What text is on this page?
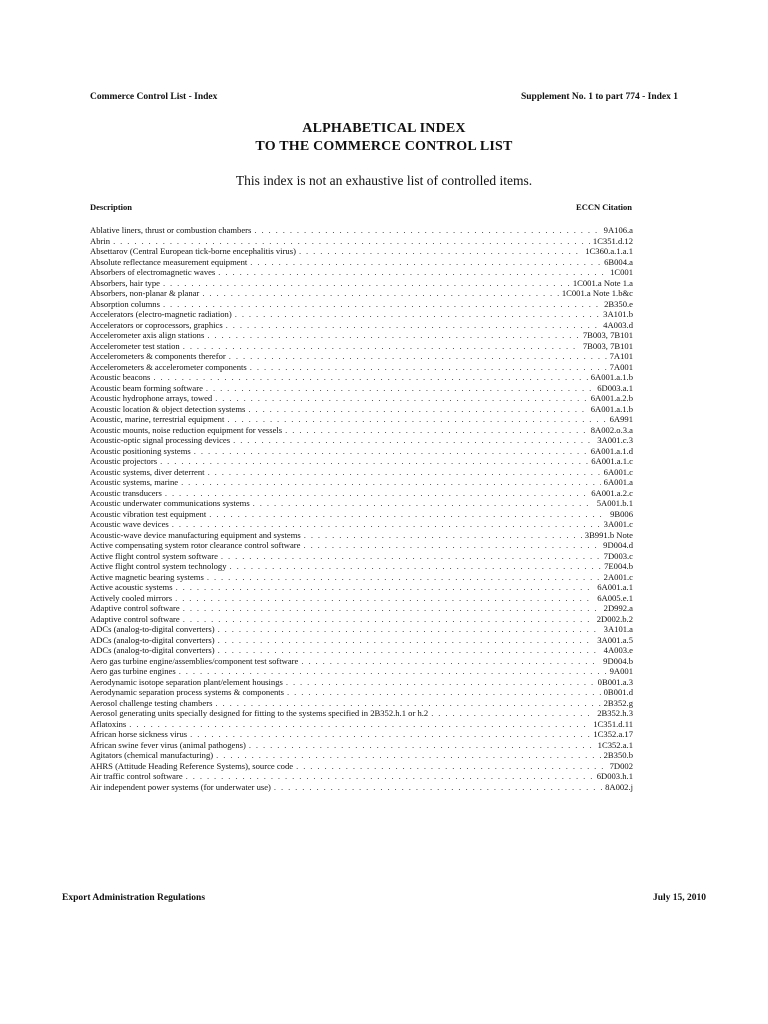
Commerce Control List - Index	Supplement No. 1 to part 774 - Index 1
ALPHABETICAL INDEX
TO THE COMMERCE CONTROL LIST
This index is not an exhaustive list of controlled items.
Description	ECCN Citation
Ablative liners, thrust or combustion chambers . . .	9A106.a
Abrin . . .	1C351.d.12
Absettarov (Central European tick-borne encephalitis virus) . . .	1C360.a.1.a.1
Absolute reflectance measurement equipment . . .	6B004.a
Absorbers of electromagnetic waves . . .	1C001
Absorbers, hair type . . .	1C001.a Note 1.a
Absorbers, non-planar & planar . . .	1C001.a Note 1.b&c
Absorption columns . . .	2B350.e
Accelerators (electro-magnetic radiation) . . .	3A101.b
Accelerators or coprocessors, graphics . . .	4A003.d
Accelerometer axis align stations . . .	7B003, 7B101
Accelerometer test station . . .	7B003, 7B101
Accelerometers & components therefor . . .	7A101
Accelerometers & accelerometer components . . .	7A001
Acoustic beacons . . .	6A001.a.1.b
Acoustic beam forming software . . .	6D003.a.1
Acoustic hydrophone arrays, towed . . .	6A001.a.2.b
Acoustic location & object detection systems . . .	6A001.a.1.b
Acoustic, marine, terrestrial equipment . . .	6A991
Acoustic mounts, noise reduction equipment for vessels . . .	8A002.o.3.a
Acoustic-optic signal processing devices . . .	3A001.c.3
Acoustic positioning systems . . .	6A001.a.1.d
Acoustic projectors . . .	6A001.a.1.c
Acoustic systems, diver deterrent . . .	6A001.c
Acoustic systems, marine . . .	6A001.a
Acoustic transducers . . .	6A001.a.2.c
Acoustic underwater communications systems . . .	5A001.b.1
Acoustic vibration test equipment . . .	9B006
Acoustic wave devices . . .	3A001.c
Acoustic-wave device manufacturing equipment and systems . . .	3B991.b Note
Active compensating system rotor clearance control software . . .	9D004.d
Active flight control system software . . .	7D003.c
Active flight control system technology . . .	7E004.b
Active magnetic bearing systems . . .	2A001.c
Active acoustic systems . . .	6A001.a.1
Actively cooled mirrors . . .	6A005.e.1
Adaptive control software . . .	2D992.a
Adaptive control software . . .	2D002.b.2
ADCs (analog-to-digital converters) . . .	3A101.a
ADCs (analog-to-digital converters) . . .	3A001.a.5
ADCs (analog-to-digital converters) . . .	4A003.e
Aero gas turbine engine/assemblies/component test software . . .	9D004.b
Aero gas turbine engines . . .	9A001
Aerodynamic isotope separation plant/element housings . . .	0B001.a.3
Aerodynamic separation process systems & components . . .	0B001.d
Aerosol challenge testing chambers . . .	2B352.g
Aerosol generating units specially designed for fitting to the systems specified in 2B352.h.1 or h.2 . . .	2B352.h.3
Aflatoxins . . .	1C351.d.11
African horse sickness virus . . .	1C352.a.17
African swine fever virus (animal pathogens) . . .	1C352.a.1
Agitators (chemical manufacturing) . . .	2B350.b
AHRS (Attitude Heading Reference Systems), source code . . .	7D002
Air traffic control software . . .	6D003.h.1
Air independent power systems (for underwater use) . . .	8A002.j
Export Administration Regulations	July 15, 2010
